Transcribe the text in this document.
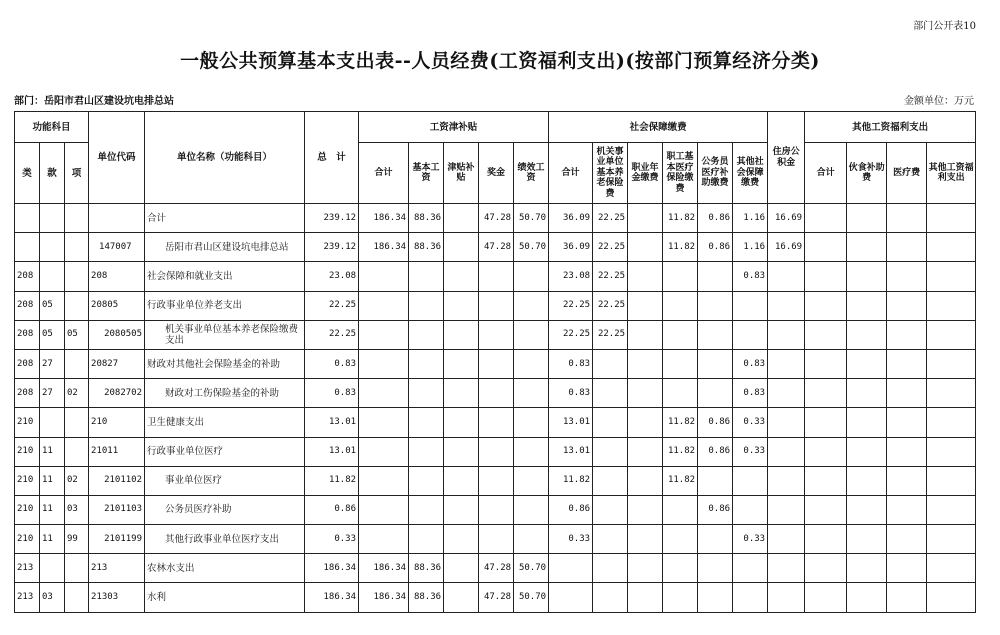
部门公开表10
一般公共预算基本支出表--人员经费(工资福利支出)(按部门预算经济分类)
部门：岳阳市君山区建设坑电排总站	金额单位：万元
功能科目			单位代码	单位名称（功能科目）	总　计	工资津补贴					社会保障缴费						住房公积金	其他工资福利支出			
类	款	项				合计	基本工资	津贴补贴	奖金	绩效工资	合计	机关事业单位基本养老保险费	职业年金缴费	职工基本医疗保险缴费	公务员医疗补助缴费	其他社会保障缴费		合计	伙食补助费	医疗费	其他工资福利支出

				合计	239.12	186.34	88.36		47.28	50.70	36.09	22.25		11.82	0.86	1.16	16.69				
			147007	岳阳市君山区建设坑电排总站	239.12	186.34	88.36		47.28	50.70	36.09	22.25		11.82	0.86	1.16	16.69				
208			208	社会保障和就业支出	23.08						23.08	22.25				0.83					
208	05		20805	行政事业单位养老支出	22.25						22.25	22.25									
208	05	05	2080505	机关事业单位基本养老保险缴费支出	22.25						22.25	22.25									
208	27		20827	财政对其他社会保险基金的补助	0.83						0.83					0.83					
208	27	02	2082702	财政对工伤保险基金的补助	0.83						0.83					0.83					
210			210	卫生健康支出	13.01						13.01			11.82	0.86	0.33					
210	11		21011	行政事业单位医疗	13.01						13.01			11.82	0.86	0.33					
210	11	02	2101102	事业单位医疗	11.82						11.82			11.82							
210	11	03	2101103	公务员医疗补助	0.86						0.86				0.86						
210	11	99	2101199	其他行政事业单位医疗支出	0.33						0.33					0.33					
213			213	农林水支出	186.34	186.34	88.36		47.28	50.70											
213	03		21303	水利	186.34	186.34	88.36		47.28	50.70											
